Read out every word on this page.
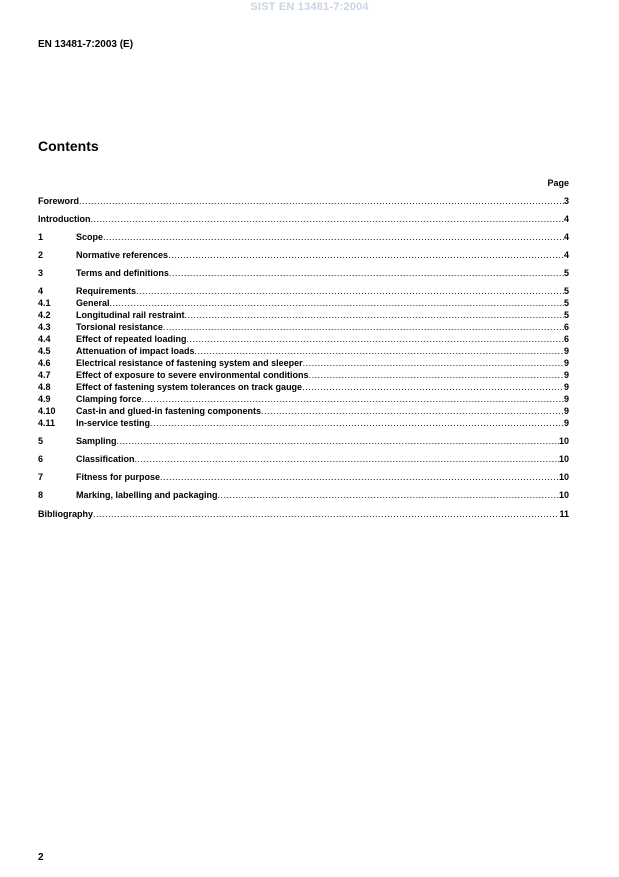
SIST EN 13481-7:2004
EN 13481-7:2003 (E)
Contents
Page
Foreword .....	3
Introduction .....	4
1	Scope .....	4
2	Normative references .....	4
3	Terms and definitions .....	5
4	Requirements .....	5
4.1	General .....	5
4.2	Longitudinal rail restraint .....	5
4.3	Torsional resistance .....	6
4.4	Effect of repeated loading .....	6
4.5	Attenuation of impact loads .....	9
4.6	Electrical resistance of fastening system and sleeper .....	9
4.7	Effect of exposure to severe environmental conditions .....	9
4.8	Effect of fastening system tolerances on track gauge .....	9
4.9	Clamping force .....	9
4.10	Cast-in and glued-in fastening components .....	9
4.11	In-service testing .....	9
5	Sampling .....	10
6	Classification .....	10
7	Fitness for purpose .....	10
8	Marking, labelling and packaging .....	10
Bibliography .....	11
2
